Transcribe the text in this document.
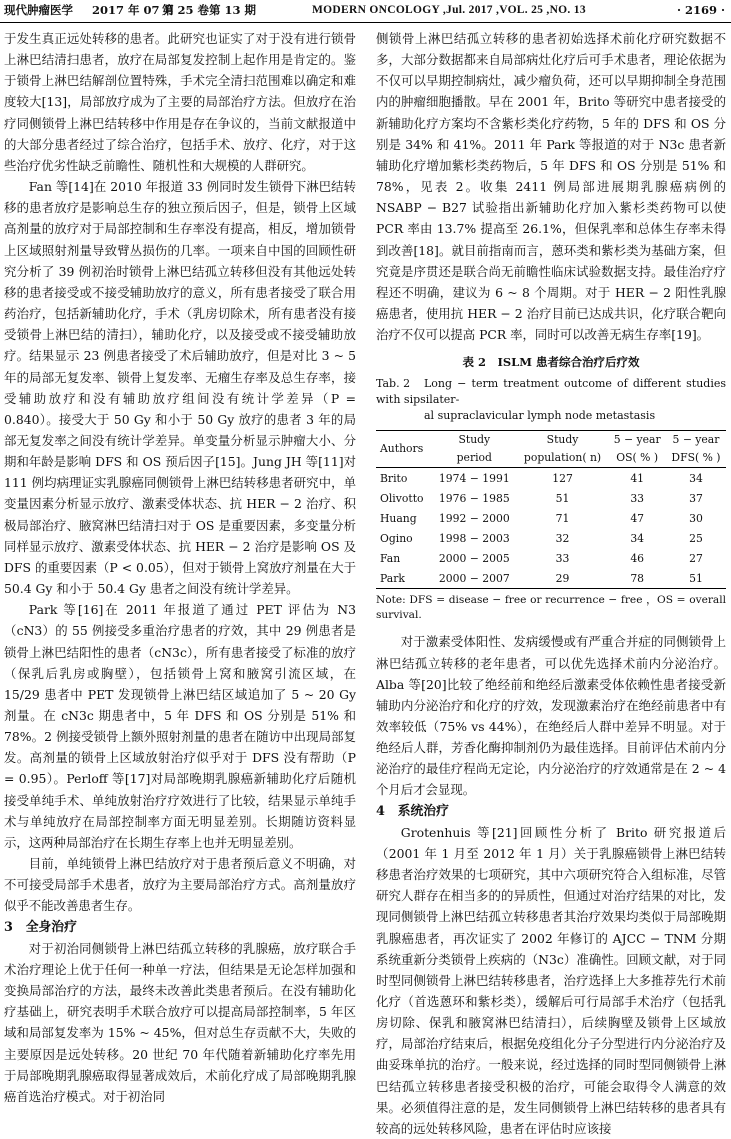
现代肿瘤医学 2017 年 07 月
第 25 卷第 13 期	MODERN ONCOLOGY ,Jul. 2017 ,VOL. 25 ,NO. 13	· 2169 ·

于发生真正远处转移的患者。此研究也证实了对于没有进行锁骨上淋巴结清扫患者，放疗在局部复发控制上起作用是肯定的。鉴于锁骨上淋巴结解剖位置特殊，手术完全清扫范围难以确定和难度较大[13]，局部放疗成为了主要的局部治疗方法。但放疗在治疗同侧锁骨上淋巴结转移中作用是存在争议的，当前文献报道中的大部分患者经过了综合治疗，包括手术、放疗、化疗，对于这些治疗优劣性缺乏前瞻性、随机性和大规模的人群研究。

Fan 等[14]在 2010 年报道 33 例同时发生锁骨下淋巴结转移的患者放疗是影响总生存的独立预后因子，但是，锁骨上区域高剂量的放疗对于局部控制和生存率没有提高，相反，增加锁骨上区域照射剂量导致臂丛损伤的几率。一项来自中国的回顾性研究分析了 39 例初治时锁骨上淋巴结孤立转移但没有其他远处转移的患者接受或不接受辅助放疗的意义，所有患者接受了联合用药治疗，包括新辅助化疗，手术（乳房切除术，所有患者没有接受锁骨上淋巴结的清扫），辅助化疗，以及接受或不接受辅助放疗。结果显示 23 例患者接受了术后辅助放疗，但是对比 3 ~ 5 年的局部无复发率、锁骨上复发率、无瘤生存率及总生存率，接受辅助放疗和没有辅助放疗组间没有统计学差异（P = 0.840）。接受大于 50 Gy 和小于 50 Gy 放疗的患者 3 年的局部无复发率之间没有统计学差异。单变量分析显示肿瘤大小、分期和年龄是影响 DFS 和 OS 预后因子[15]。Jung JH 等[11]对 111 例均病理证实乳腺癌同侧锁骨上淋巴结转移患者研究中，单变量因素分析显示放疗、激素受体状态、抗 HER − 2 治疗、积极局部治疗、腋窝淋巴结清扫对于 OS 是重要因素，多变量分析同样显示放疗、激素受体状态、抗 HER − 2 治疗是影响 OS 及 DFS 的重要因素（P < 0.05），但对于锁骨上窝放疗剂量在大于 50.4 Gy 和小于 50.4 Gy 患者之间没有统计学差异。

Park 等[16]在 2011 年报道了通过 PET 评估为 N3（cN3）的 55 例接受多重治疗患者的疗效，其中 29 例患者是锁骨上淋巴结阳性的患者（cN3c），所有患者接受了标准的放疗（保乳后乳房或胸壁），包括锁骨上窝和腋窝引流区域，在 15/29 患者中 PET 发现锁骨上淋巴结区域追加了 5 ~ 20 Gy 剂量。在 cN3c 期患者中，5 年 DFS 和 OS 分别是 51% 和 78%。2 例接受锁骨上额外照射剂量的患者在随访中出现局部复发。高剂量的锁骨上区域放射治疗似乎对于 DFS 没有帮助（P = 0.95）。Perloff 等[17]对局部晚期乳腺癌新辅助化疗后随机接受单纯手术、单纯放射治疗疗效进行了比较，结果显示单纯手术与单纯放疗在局部控制率方面无明显差别。长期随访资料显示，这两种局部治疗在长期生存率上也并无明显差别。

目前，单纯锁骨上淋巴结放疗对于患者预后意义不明确，对不可接受局部手术患者，放疗为主要局部治疗方式。高剂量放疗似乎不能改善患者生存。

3 全身治疗

对于初治同侧锁骨上淋巴结孤立转移的乳腺癌，放疗联合手术治疗理论上优于任何一种单一疗法，但结果是无论怎样加强和变换局部治疗的方法，最终未改善此类患者预后。在没有辅助化疗基础上，研究表明手术联合放疗可以提高局部控制率，5 年区域和局部复发率为 15% ~ 45%，但对总生存贡献不大，失败的主要原因是远处转移。20 世纪 70 年代随着新辅助化疗率先用于局部晚期乳腺癌取得显著成效后，术前化疗成了局部晚期乳腺癌首选治疗模式。对于初治同

侧锁骨上淋巴结孤立转移的患者初始选择术前化疗研究数据不多，大部分数据都来自局部病灶化疗后可手术患者，理论依据为不仅可以早期控制病灶，减少瘤负荷，还可以早期抑制全身范围内的肿瘤细胞播散。早在 2001 年，Brito 等研究中患者接受的新辅助化疗方案均不含紫杉类化疗药物，5 年的 DFS 和 OS 分别是 34% 和 41%。2011 年 Park 等报道的对于 N3c 患者新辅助化疗增加紫杉类药物后，5 年 DFS 和 OS 分别是 51% 和 78%，见表 2。收集 2411 例局部进展期乳腺癌病例的 NSABP − B27 试验指出新辅助化疗加入紫杉类药物可以使 PCR 率由 13.7% 提高至 26.1%，但保乳率和总体生存率未得到改善[18]。就目前指南而言，蒽环类和紫杉类为基础方案，但究竟是序贯还是联合尚无前瞻性临床试验数据支持。最佳治疗疗程还不明确，建议为 6 ~ 8 个周期。对于 HER − 2 阳性乳腺癌患者，使用抗 HER − 2 治疗目前已达成共识，化疗联合靶向治疗不仅可以提高 PCR 率，同时可以改善无病生存率[19]。

表 2　ISLM 患者综合治疗后疗效
Tab. 2 Long − term treatment outcome of different studies with sipsilater-
al supraclavicular lymph node metastasis
Authors	Study	Study	5 − year	5 − year
	period	population( n)	OS( % )	DFS( % )
Brito	1974 − 1991	127	41	34
Olivotto	1976 − 1985	51	33	37
Huang	1992 − 2000	71	47	30
Ogino	1998 − 2003	32	34	25
Fan	2000 − 2005	33	46	27
Park	2000 − 2007	29	78	51
Note: DFS = disease − free or recurrence − free ，OS = overall survival.

对于激素受体阳性、发病缓慢或有严重合并症的同侧锁骨上淋巴结孤立转移的老年患者，可以优先选择术前内分泌治疗。Alba 等[20]比较了绝经前和绝经后激素受体依赖性患者接受新辅助内分泌治疗和化疗的疗效，发现激素治疗在绝经前患者中有效率较低（75% vs 44%），在绝经后人群中差异不明显。对于绝经后人群，芳香化酶抑制剂仍为最佳选择。目前评估术前内分泌治疗的最佳疗程尚无定论，内分泌治疗的疗效通常是在 2 ~ 4 个月后才会显现。

4 系统治疗

Grotenhuis 等[21]回顾性分析了 Brito 研究报道后（2001 年 1 月至 2012 年 1 月）关于乳腺癌锁骨上淋巴结转移患者治疗效果的七项研究，其中六项研究符合入组标准，尽管研究人群存在相当多的的异质性，但通过对治疗结果的对比，发现同侧锁骨上淋巴结孤立转移患者其治疗效果均类似于局部晚期乳腺癌患者，再次证实了 2002 年修订的 AJCC − TNM 分期系统重新分类锁骨上疾病的（N3c）准确性。回顾文献，对于同时型同侧锁骨上淋巴结转移患者，治疗选择上大多推荐先行术前化疗（首选蒽环和紫杉类），缓解后可行局部手术治疗（包括乳房切除、保乳和腋窝淋巴结清扫），后续胸壁及锁骨上区域放疗，局部治疗结束后，根据免疫组化分子分型进行内分泌治疗及曲妥珠单抗的治疗。一般来说，经过选择的同时型同侧锁骨上淋巴结孤立转移患者接受积极的治疗，可能会取得令人满意的效果。必须值得注意的是，发生同侧锁骨上淋巴结转移的患者具有较高的远处转移风险，患者在评估时应该接
